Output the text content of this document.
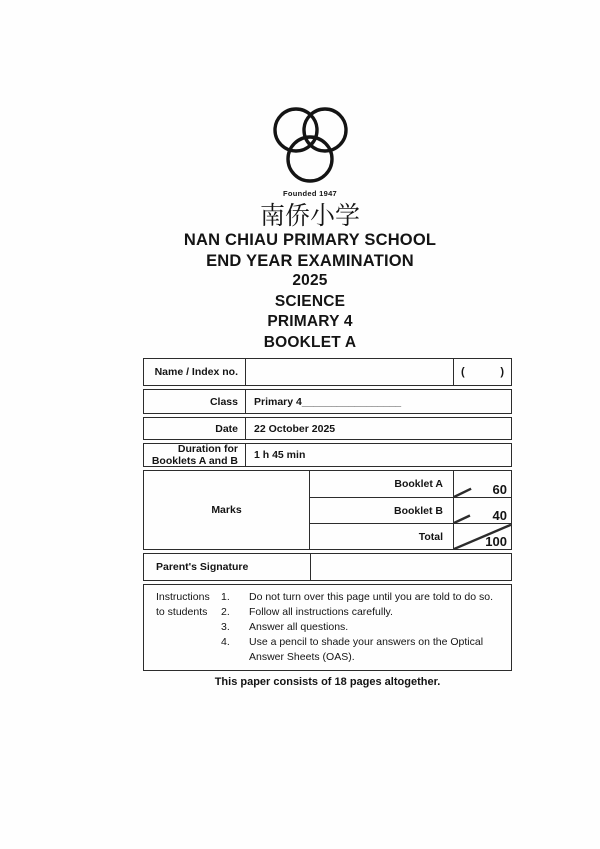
Founded 1947
南侨小学
NAN CHIAU PRIMARY SCHOOL
END YEAR EXAMINATION
2025
SCIENCE
PRIMARY 4
BOOKLET A
Name / Index no.	(	)
Class	Primary 4 _________________
Date	22 October 2025
Duration for Booklets A and B	1 h 45 min
Marks
Booklet A	60
Booklet B	40
Total	100
Parent's Signature
Instructions
to students
1.	Do not turn over this page until you are told to do so.
2.	Follow all instructions carefully.
3.	Answer all questions.
4.	Use a pencil to shade your answers on the Optical Answer Sheets (OAS).
This paper consists of 18 pages altogether.
